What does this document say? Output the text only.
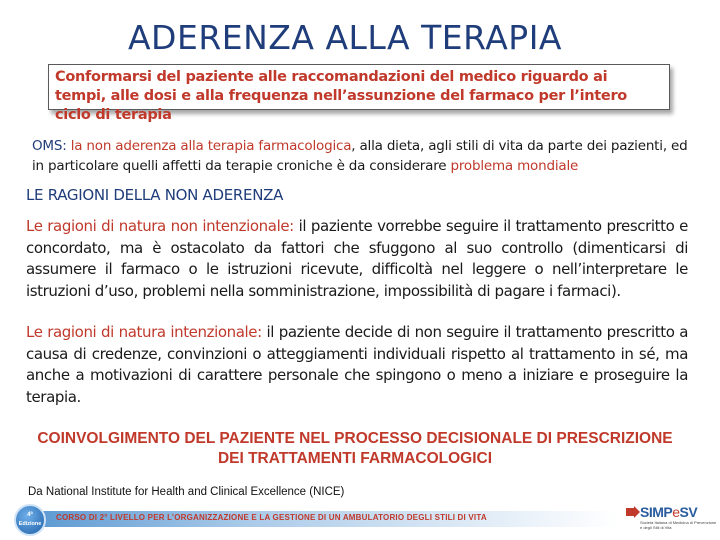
ADERENZA ALLA TERAPIA
Conformarsi del paziente alle raccomandazioni del medico riguardo ai tempi, alle dosi e alla frequenza nell’assunzione del farmaco per l’intero ciclo di terapia
OMS: la non aderenza alla terapia farmacologica, alla dieta, agli stili di vita da parte dei pazienti, ed in particolare quelli affetti da terapie croniche è da considerare problema mondiale
LE RAGIONI DELLA NON ADERENZA
Le ragioni di natura non intenzionale: il paziente vorrebbe seguire il trattamento prescritto e concordato, ma è ostacolato da fattori che sfuggono al suo controllo (dimenticarsi di assumere il farmaco o le istruzioni ricevute, difficoltà nel leggere o nell’interpretare le istruzioni d’uso, problemi nella somministrazione, impossibilità di pagare i farmaci).
Le ragioni di natura intenzionale: il paziente decide di non seguire il trattamento prescritto a causa di credenze, convinzioni o atteggiamenti individuali rispetto al trattamento in sé, ma anche a motivazioni di carattere personale che spingono o meno a iniziare e proseguire la terapia.
COINVOLGIMENTO DEL PAZIENTE NEL PROCESSO DECISIONALE DI PRESCRIZIONE DEI TRATTAMENTI FARMACOLOGICI
Da National Institute for Health and Clinical Excellence (NICE)
CORSO DI 2° LIVELLO PER L’ORGANIZZAZIONE E LA GESTIONE DI UN AMBULATORIO DEGLI STILI DI VITA
4ª
Edizione
SIMPeSV
Società Italiana di Medicina di Prevenzione e degli Stili di Vita
